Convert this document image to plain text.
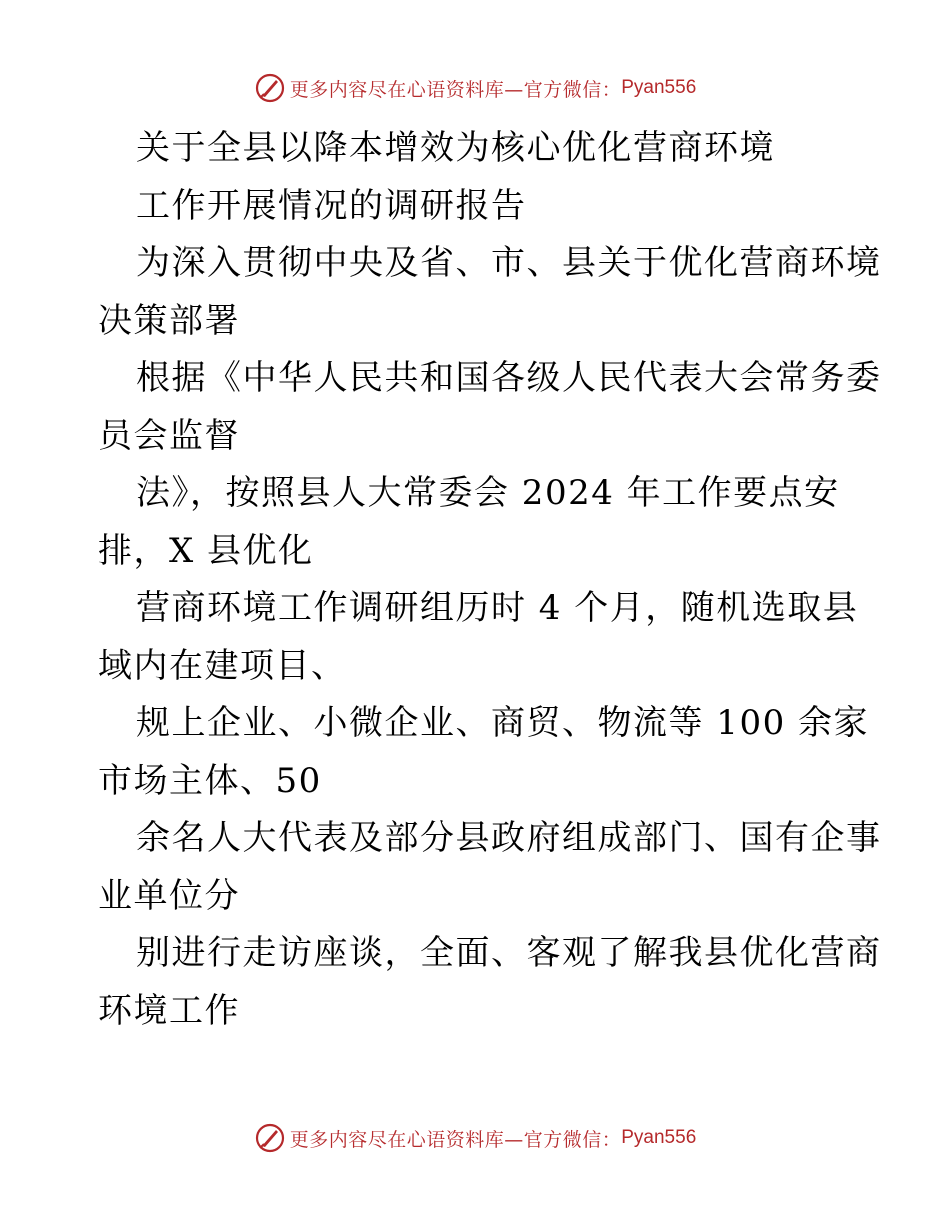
更多内容尽在心语资料库—官方微信： Pyan556
关于全县以降本增效为核心优化营商环境
工作开展情况的调研报告
为深入贯彻中央及省、市、县关于优化营商环境
决策部署
根据《中华人民共和国各级人民代表大会常务委
员会监督
法》，按照县人大常委会 2024 年工作要点安
排，X 县优化
营商环境工作调研组历时 4 个月，随机选取县
域内在建项目、
规上企业、小微企业、商贸、物流等 100 余家
市场主体、50
余名人大代表及部分县政府组成部门、国有企事
业单位分
别进行走访座谈，全面、客观了解我县优化营商
环境工作
更多内容尽在心语资料库—官方微信： Pyan556
